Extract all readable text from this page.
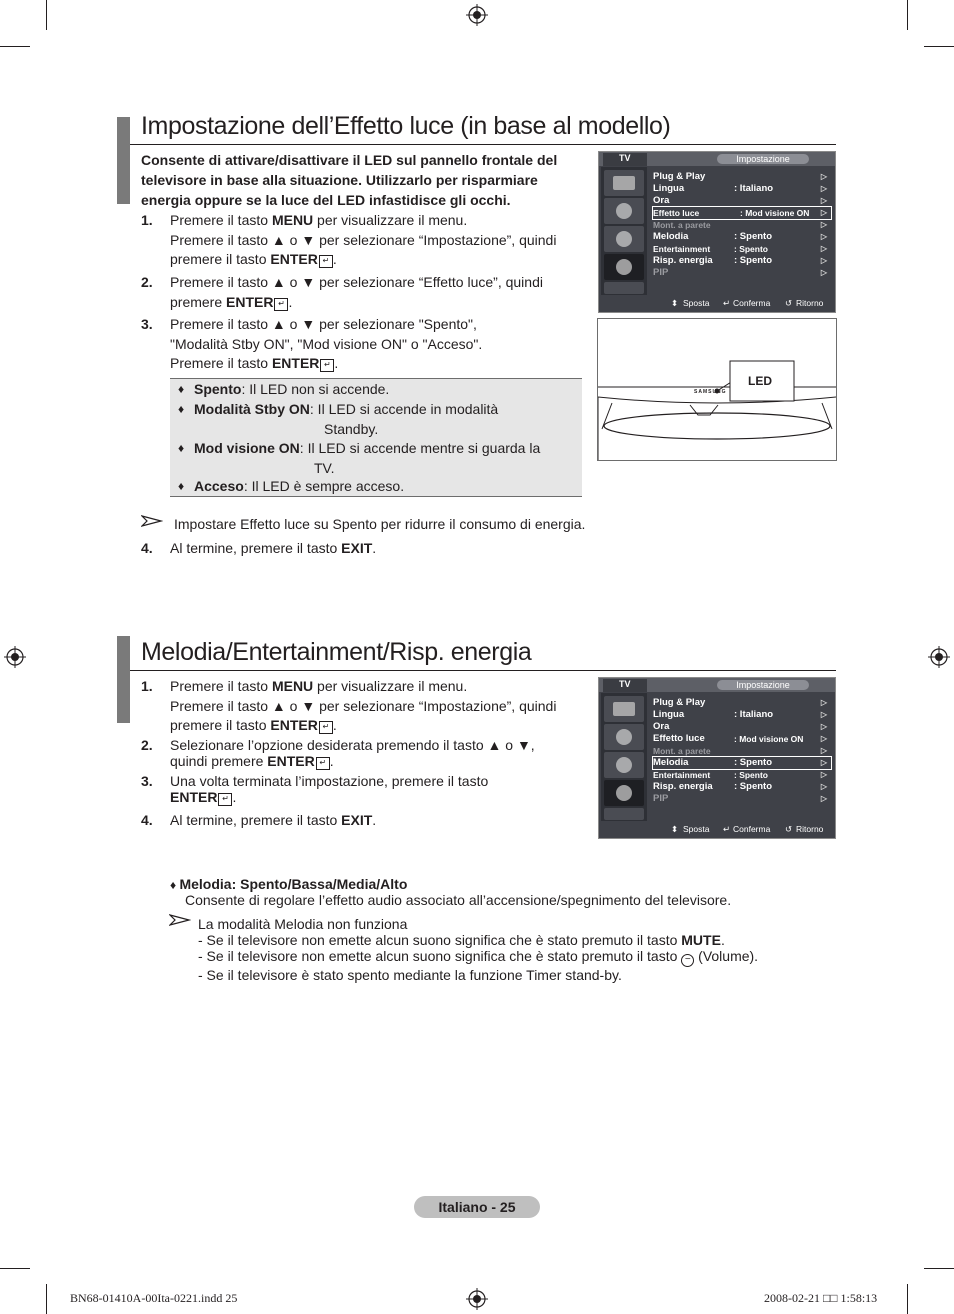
Impostazione dell’Effetto luce (in base al modello)
Consente di attivare/disattivare il LED sul pannello frontale del televisore in base alla situazione. Utilizzarlo per risparmiare energia oppure se la luce del LED infastidisce gli occhi.
1. Premere il tasto MENU per visualizzare il menu.
Premere il tasto ▲ o ▼ per selezionare “Impostazione”, quindi
premere il tasto ENTER ↵ .
2. Premere il tasto ▲ o ▼ per selezionare “Effetto luce”, quindi
premere ENTER ↵ .
3. Premere il tasto ▲ o ▼ per selezionare "Spento",
"Modalità Stby ON", "Mod visione ON" o "Acceso".
Premere il tasto ENTER ↵ .
♦ Spento: Il LED non si accende.
♦ Modalità Stby ON: Il LED si accende in modalità
Standby.
♦ Mod visione ON: Il LED si accende mentre si guarda la
TV.
♦ Acceso: Il LED è sempre acceso.
Impostare Effetto luce su Spento per ridurre il consumo di energia.
4. Al termine, premere il tasto EXIT.
TV	Impostazione
Plug & Play	▷
Lingua	: Italiano	▷
Ora	▷
Effetto luce	: Mod visione ON ▷
Mont. a parete	▷
Melodia	: Spento	▷
Entertainment	: Spento	▷
Risp. energia : Spento	▷
PIP	▷
⬍ Sposta ↵ Conferma ↺ Ritorno
SAMSUNG
LED
Melodia/Entertainment/Risp. energia
1. Premere il tasto MENU per visualizzare il menu.
Premere il tasto ▲ o ▼ per selezionare “Impostazione”, quindi
premere il tasto ENTER ↵ .
2. Selezionare l’opzione desiderata premendo il tasto ▲ o ▼,
quindi premere ENTER ↵ .
3. Una volta terminata l’impostazione, premere il tasto
ENTER ↵ .
4. Al termine, premere il tasto EXIT.
TV	Impostazione
Plug & Play	▷
Lingua	: Italiano	▷
Ora	▷
Effetto luce	: Mod visione ON ▷
Mont. a parete	▷
Melodia	: Spento	▷
Entertainment	: Spento	▷
Risp. energia : Spento	▷
PIP	▷
⬍ Sposta ↵ Conferma ↺ Ritorno
♦ Melodia: Spento/Bassa/Media/Alto
Consente di regolare l’effetto audio associato all’accensione/spegnimento del televisore.
La modalità Melodia non funziona
- Se il televisore non emette alcun suono significa che è stato premuto il tasto MUTE.
- Se il televisore non emette alcun suono significa che è stato premuto il tasto − (Volume).
- Se il televisore è stato spento mediante la funzione Timer stand-by.
Italiano - 25
BN68-01410A-00Ita-0221.indd 25	2008-02-21 □□ 1:58:13
